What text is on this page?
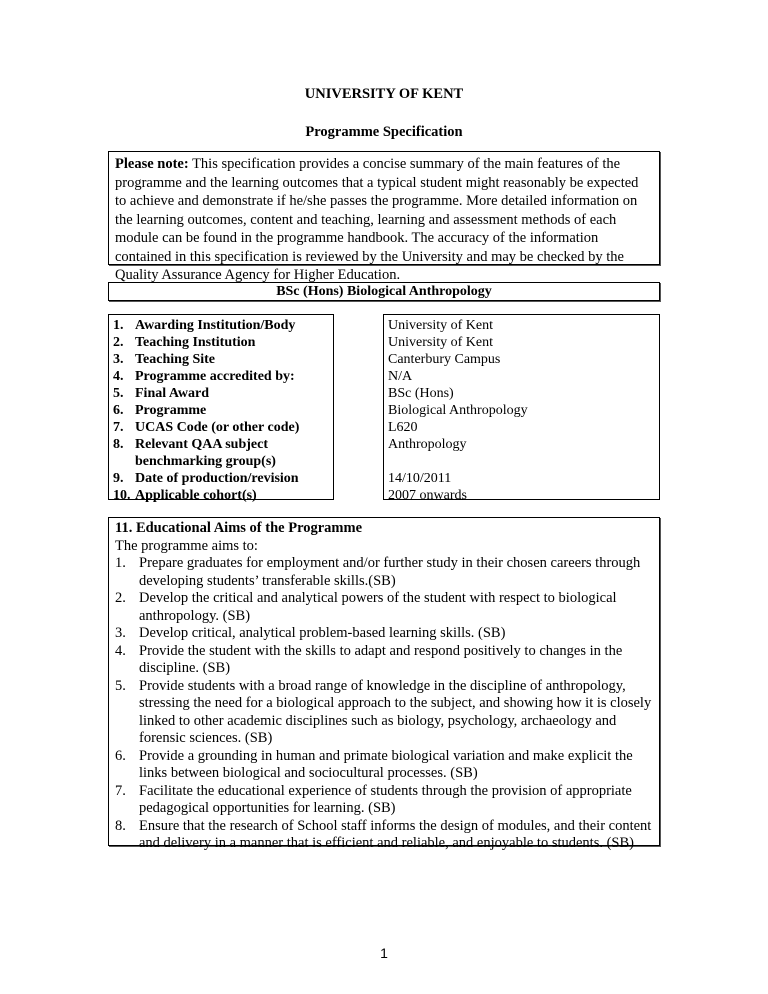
UNIVERSITY OF KENT
Programme Specification
Please note: This specification provides a concise summary of the main features of the programme and the learning outcomes that a typical student might reasonably be expected to achieve and demonstrate if he/she passes the programme. More detailed information on the learning outcomes, content and teaching, learning and assessment methods of each module can be found in the programme handbook. The accuracy of the information contained in this specification is reviewed by the University and may be checked by the Quality Assurance Agency for Higher Education.
BSc (Hons) Biological Anthropology
1. Awarding Institution/Body
2. Teaching Institution
3. Teaching Site
4. Programme accredited by:
5. Final Award
6. Programme
7. UCAS Code (or other code)
8. Relevant QAA subject benchmarking group(s)
9. Date of production/revision
10. Applicable cohort(s)
University of Kent
University of Kent
Canterbury Campus
N/A
BSc (Hons)
Biological Anthropology
L620
Anthropology
14/10/2011
2007 onwards
11. Educational Aims of the Programme
The programme aims to:
1. Prepare graduates for employment and/or further study in their chosen careers through developing students’ transferable skills.(SB)
2. Develop the critical and analytical powers of the student with respect to biological anthropology. (SB)
3. Develop critical, analytical problem-based learning skills. (SB)
4. Provide the student with the skills to adapt and respond positively to changes in the discipline. (SB)
5. Provide students with a broad range of knowledge in the discipline of anthropology, stressing the need for a biological approach to the subject, and showing how it is closely linked to other academic disciplines such as biology, psychology, archaeology and forensic sciences. (SB)
6. Provide a grounding in human and primate biological variation and make explicit the links between biological and sociocultural processes. (SB)
7. Facilitate the educational experience of students through the provision of appropriate pedagogical opportunities for learning. (SB)
8. Ensure that the research of School staff informs the design of modules, and their content and delivery in a manner that is efficient and reliable, and enjoyable to students. (SB)
1
